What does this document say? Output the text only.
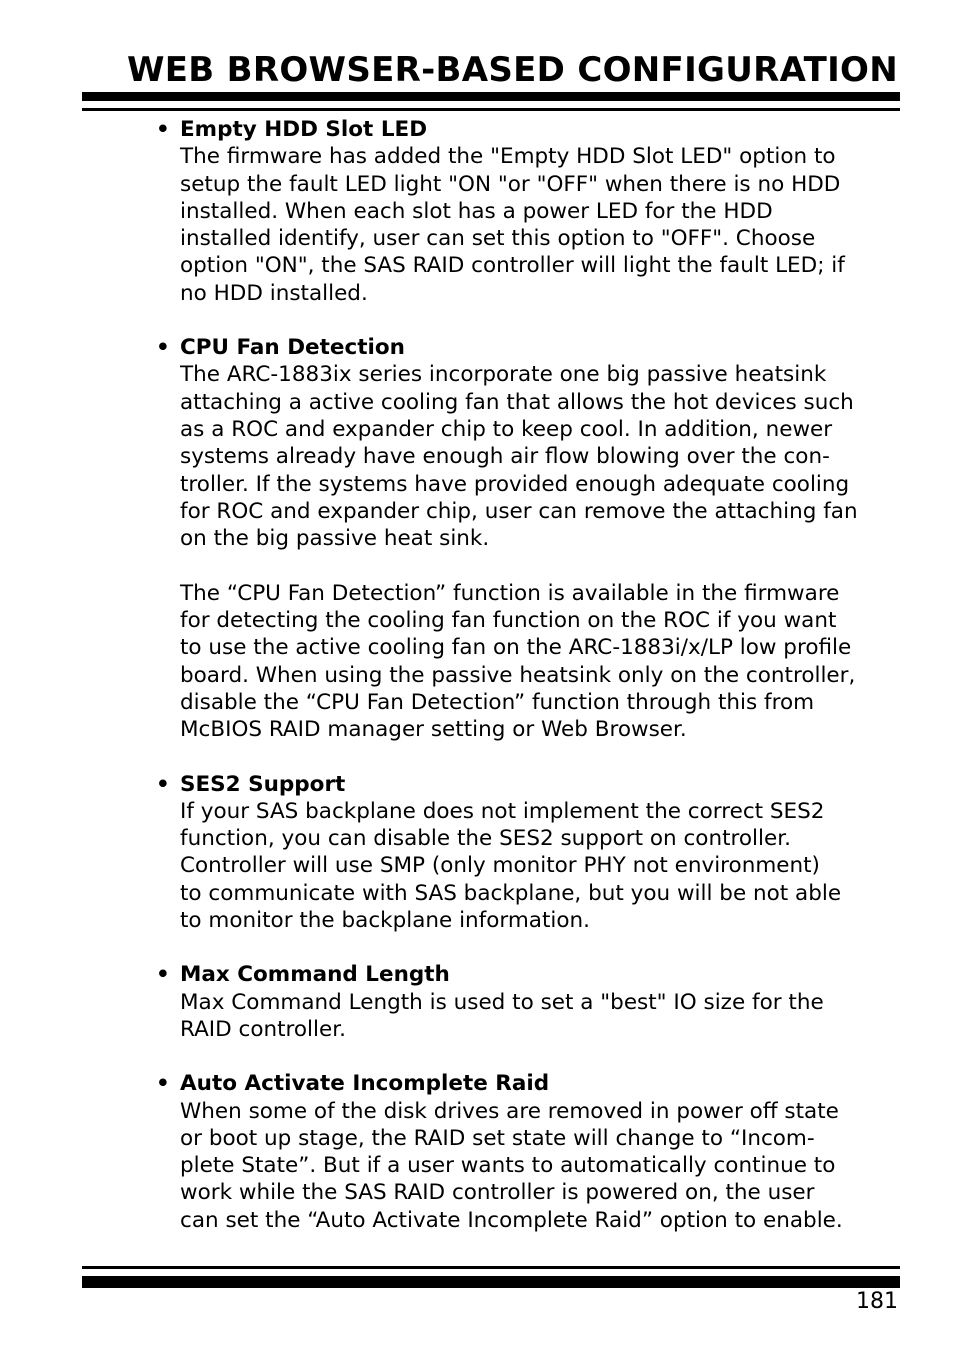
WEB BROWSER-BASED CONFIGURATION
• Empty HDD Slot LED

The firmware has added the "Empty HDD Slot LED" option to
setup the fault LED light "ON "or "OFF" when there is no HDD
installed. When each slot has a power LED for the HDD
installed identify, user can set this option to "OFF". Choose
option "ON", the SAS RAID controller will light the fault LED; if
no HDD installed.

• CPU Fan Detection

The ARC-1883ix series incorporate one big passive heatsink
attaching a active cooling fan that allows the hot devices such
as a ROC and expander chip to keep cool. In addition, newer
systems already have enough air flow blowing over the con-
troller. If the systems have provided enough adequate cooling
for ROC and expander chip, user can remove the attaching fan
on the big passive heat sink.

The “CPU Fan Detection” function is available in the firmware
for detecting the cooling fan function on the ROC if you want
to use the active cooling fan on the ARC-1883i/x/LP low profile
board. When using the passive heatsink only on the controller,
disable the “CPU Fan Detection” function through this from
McBIOS RAID manager setting or Web Browser.

• SES2 Support

If your SAS backplane does not implement the correct SES2
function, you can disable the SES2 support on controller.
Controller will use SMP (only monitor PHY not environment)
to communicate with SAS backplane, but you will be not able
to monitor the backplane information.

• Max Command Length

Max Command Length is used to set a "best" IO size for the
RAID controller.

• Auto Activate Incomplete Raid

When some of the disk drives are removed in power off state
or boot up stage, the RAID set state will change to “Incom-
plete State”. But if a user wants to automatically continue to
work while the SAS RAID controller is powered on, the user
can set the “Auto Activate Incomplete Raid” option to enable.

181
